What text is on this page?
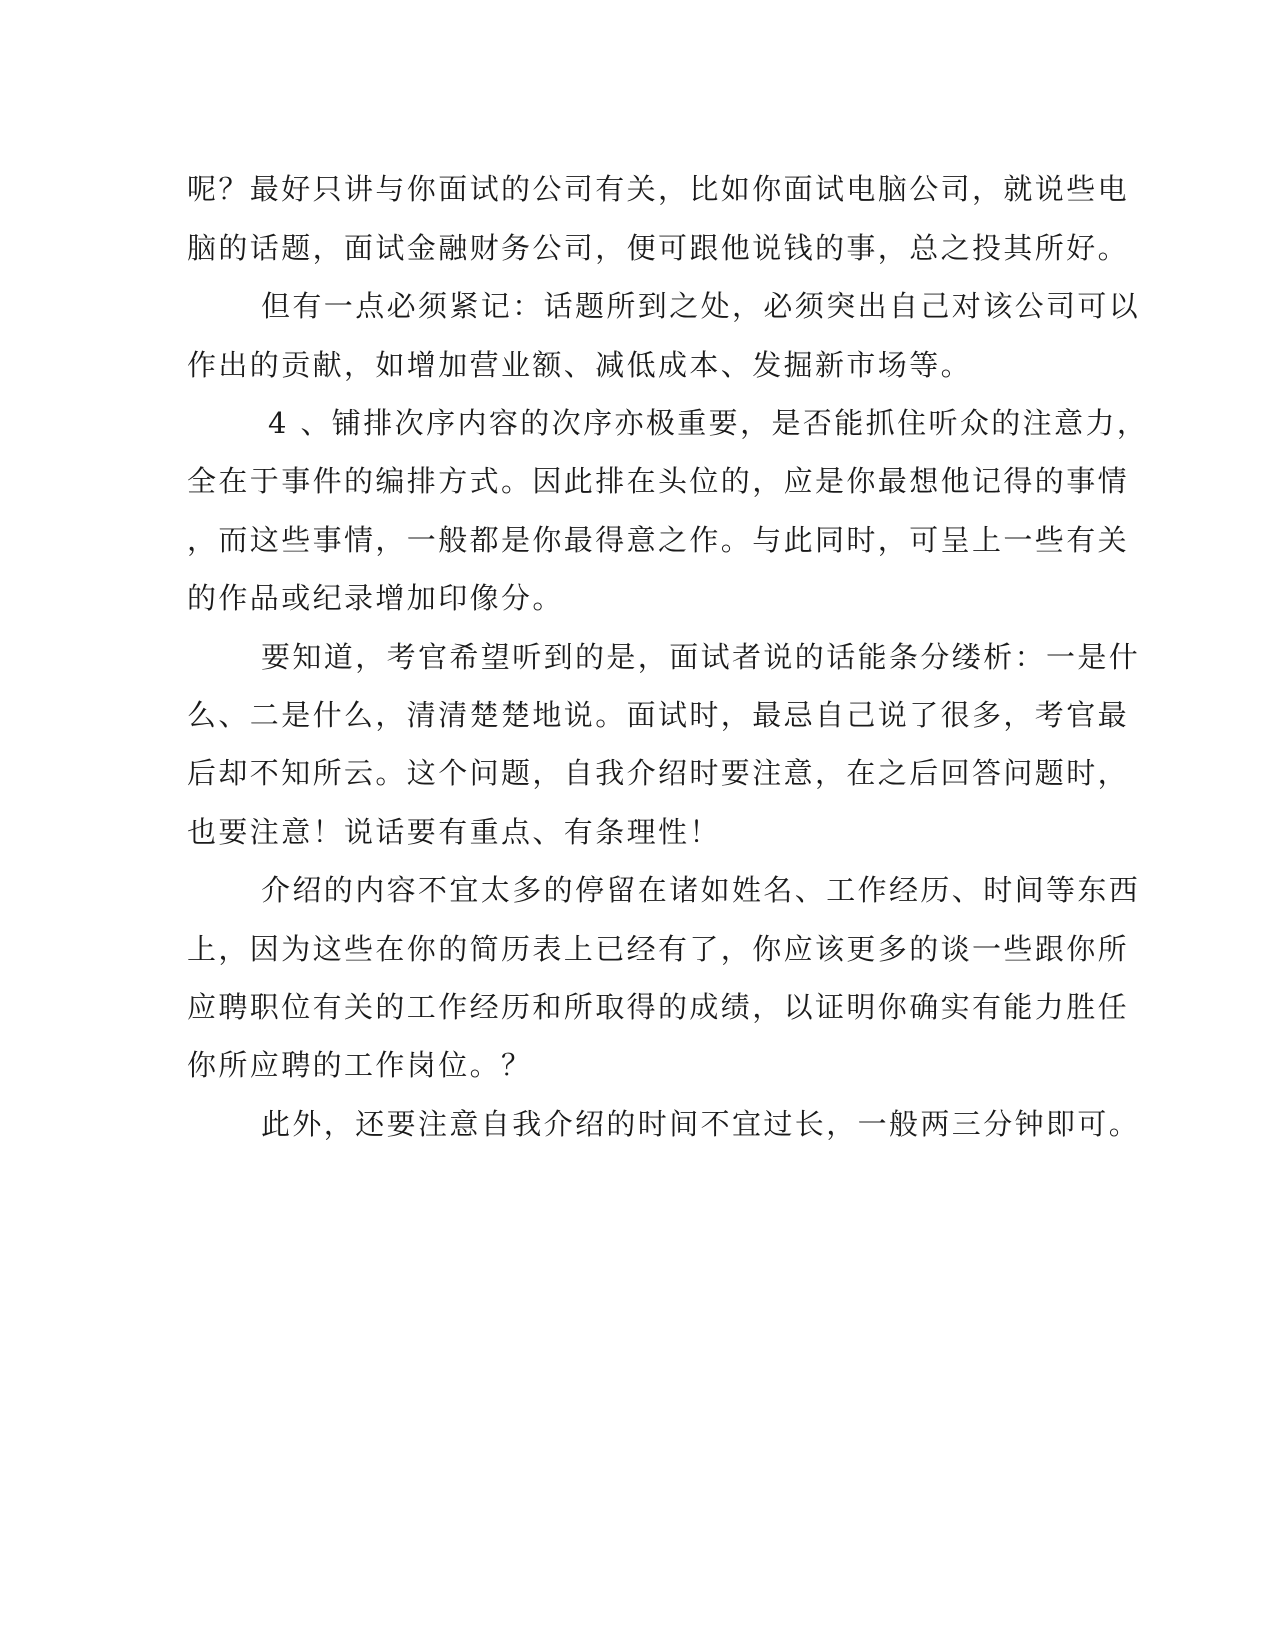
呢？最好只讲与你面试的公司有关，比如你面试电脑公司，就说些电
脑的话题，面试金融财务公司，便可跟他说钱的事，总之投其所好。
但有一点必须紧记：话题所到之处，必须突出自己对该公司可以
作出的贡献，如增加营业额、减低成本、发掘新市场等。
4 、铺排次序内容的次序亦极重要，是否能抓住听众的注意力，
全在于事件的编排方式。因此排在头位的，应是你最想他记得的事情
，而这些事情，一般都是你最得意之作。与此同时，可呈上一些有关
的作品或纪录增加印像分。
要知道，考官希望听到的是，面试者说的话能条分缕析：一是什
么、二是什么，清清楚楚地说。面试时，最忌自己说了很多，考官最
后却不知所云。这个问题，自我介绍时要注意，在之后回答问题时，
也要注意！说话要有重点、有条理性！
介绍的内容不宜太多的停留在诸如姓名、工作经历、时间等东西
上，因为这些在你的简历表上已经有了，你应该更多的谈一些跟你所
应聘职位有关的工作经历和所取得的成绩，以证明你确实有能力胜任
你所应聘的工作岗位。？
此外，还要注意自我介绍的时间不宜过长，一般两三分钟即可。
